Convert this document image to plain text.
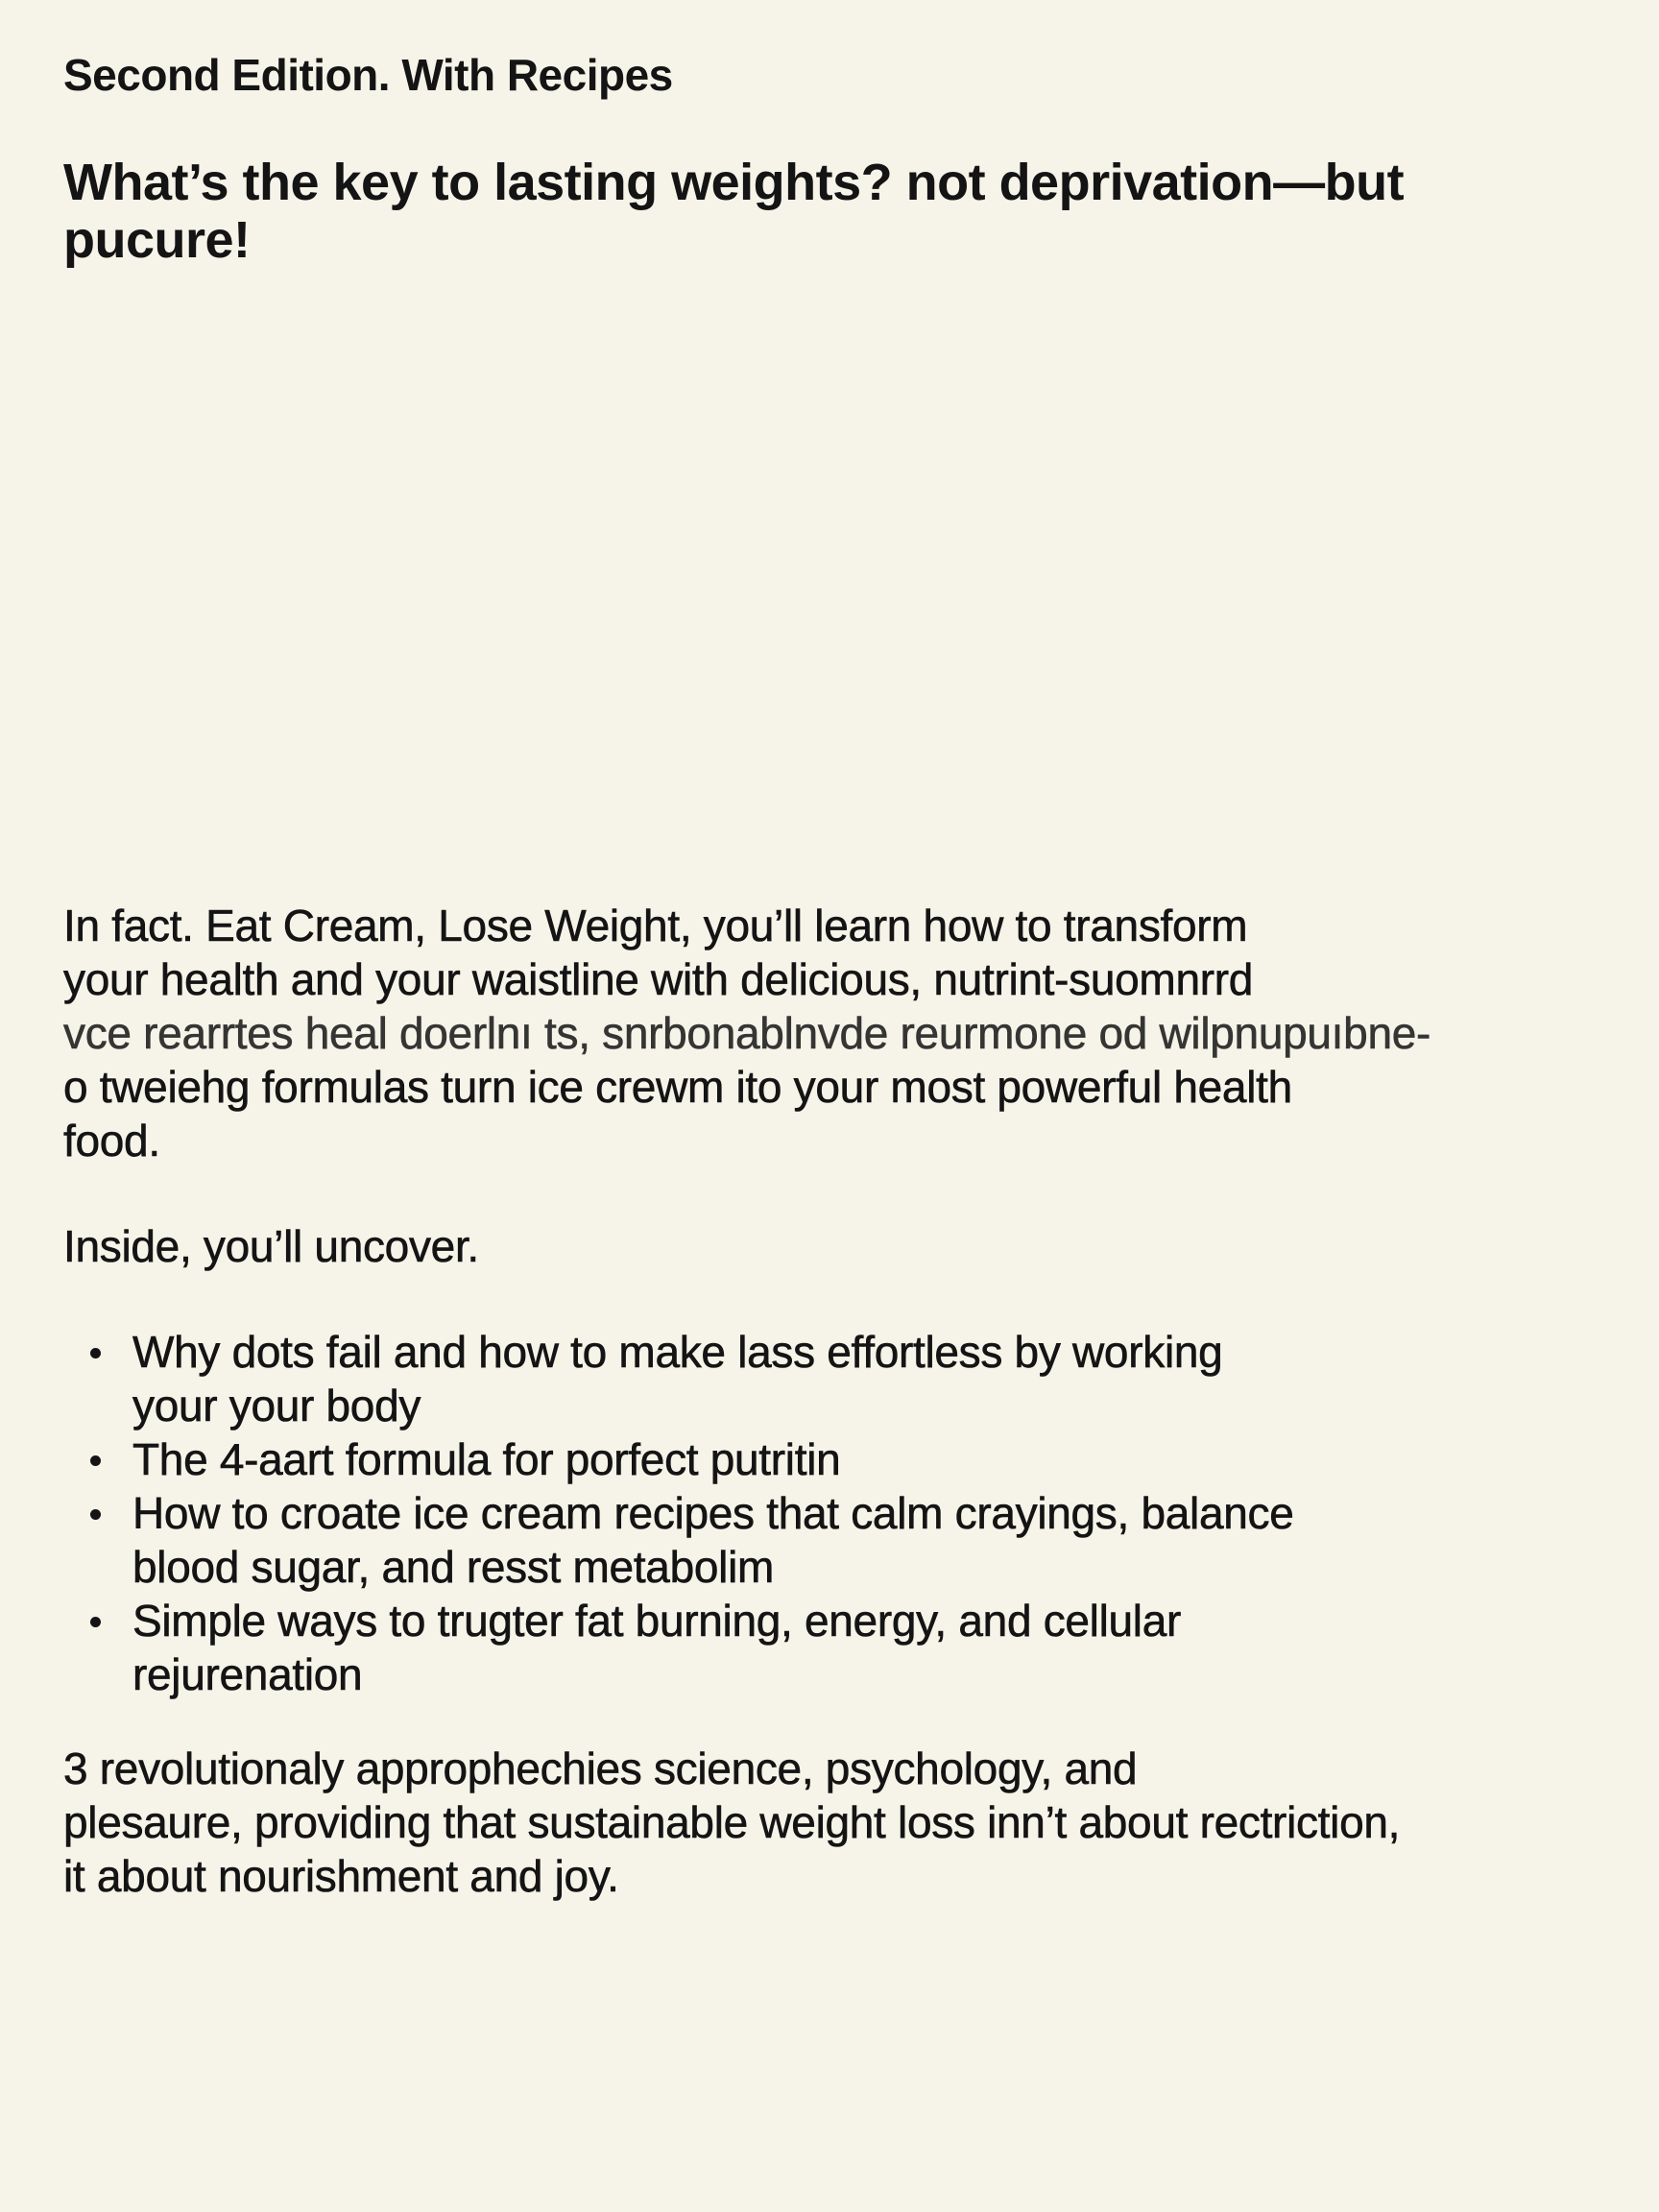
Second Edition. With Recipes
What’s the key to lasting weights? not deprivation—but
pucure!
In fact. Eat Cream, Lose Weight, you’ll learn how to transform
your health and your waistline with delicious, nutrint-suomnrrd
vce rearrtes heal doerlnı ts, snrbonablnvde reurmone od wilpnupuıbne-
o tweiehg formulas turn ice crewm ito your most powerful health
food.
Inside, you’ll uncover.
Why dots fail and how to make lass effortless by working
your your body
The 4-aart formula for porfect putritin
How to croate ice cream recipes that calm crayings, balance
blood sugar, and resst metabolim
Simple ways to trugter fat burning, energy, and cellular
rejurenation
3 revolutionaly approphechies science, psychology, and
plesaure, providing that sustainable weight loss inn’t about rectriction,
it about nourishment and joy.
